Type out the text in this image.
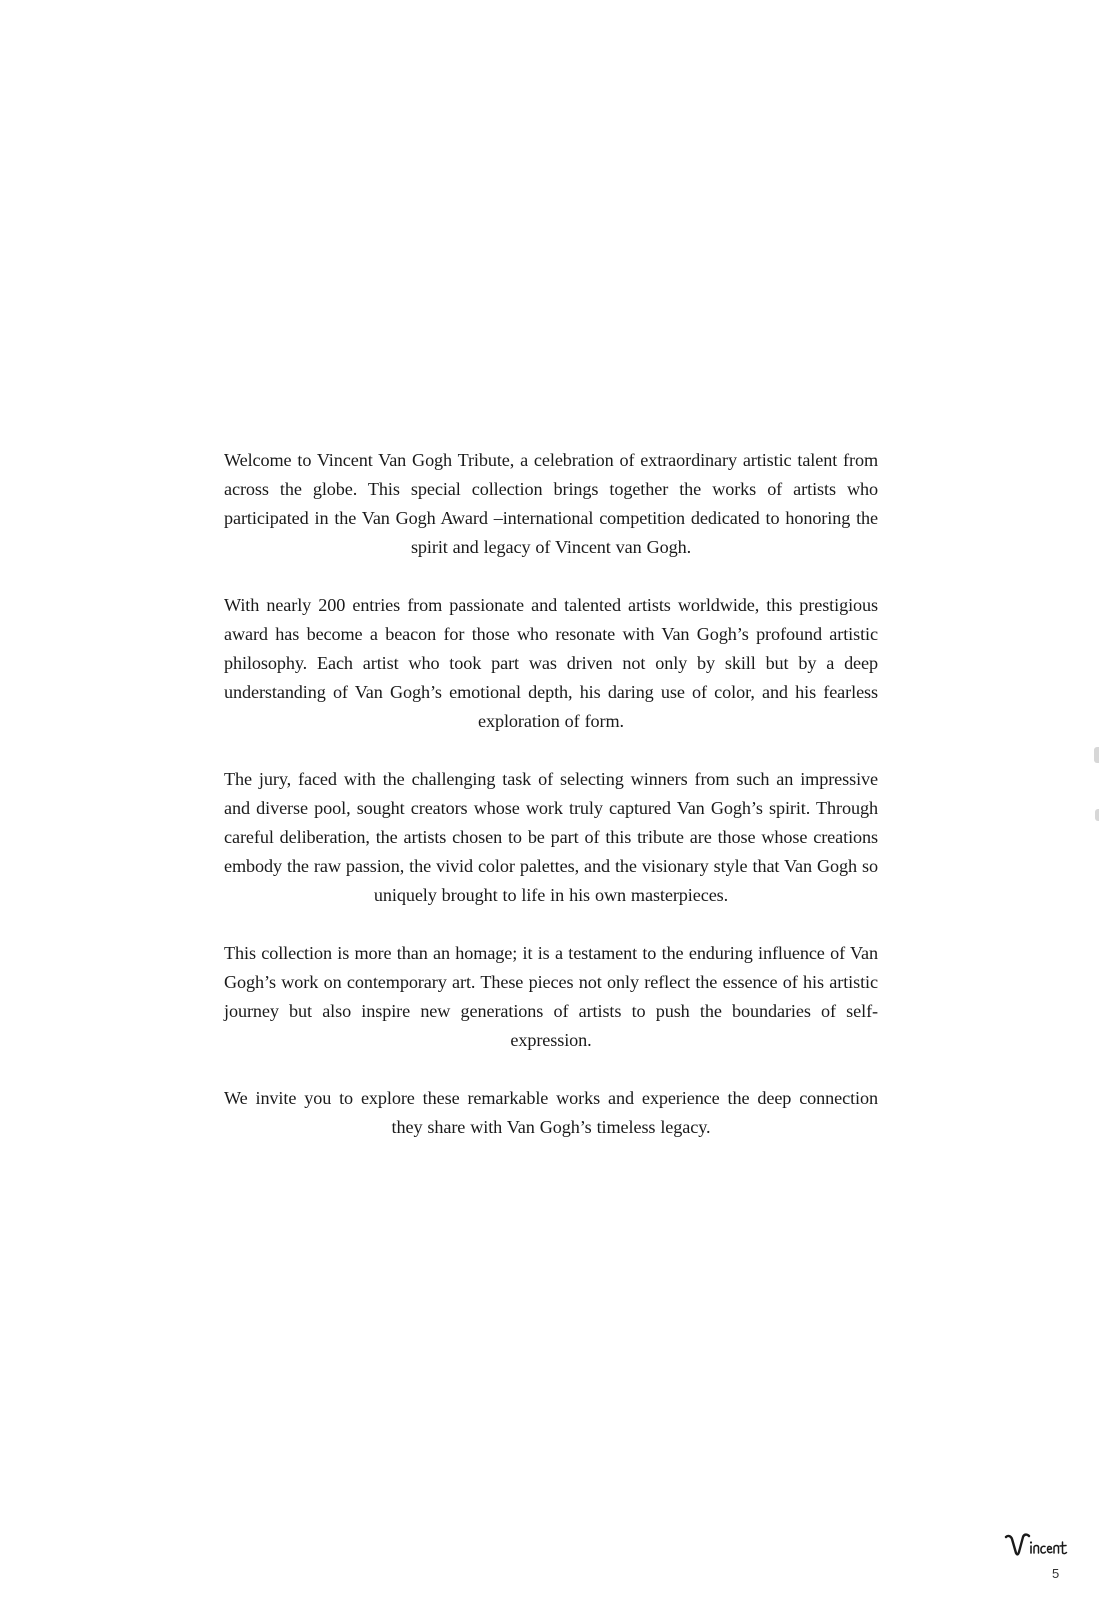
Welcome to Vincent Van Gogh Tribute, a celebration of extraordinary artistic talent from across the globe. This special collection brings together the works of artists who participated in the Van Gogh Award –international competition dedicated to honoring the spirit and legacy of Vincent van Gogh.

With nearly 200 entries from passionate and talented artists worldwide, this prestigious award has become a beacon for those who resonate with Van Gogh’s profound artistic philosophy. Each artist who took part was driven not only by skill but by a deep understanding of Van Gogh’s emotional depth, his daring use of color, and his fearless exploration of form.

The jury, faced with the challenging task of selecting winners from such an impressive and diverse pool, sought creators whose work truly captured Van Gogh’s spirit. Through careful deliberation, the artists chosen to be part of this tribute are those whose creations embody the raw passion, the vivid color palettes, and the visionary style that Van Gogh so uniquely brought to life in his own masterpieces.

This collection is more than an homage; it is a testament to the enduring influence of Van Gogh’s work on contemporary art. These pieces not only reflect the essence of his artistic journey but also inspire new generations of artists to push the boundaries of self-expression.

We invite you to explore these remarkable works and experience the deep connection they share with Van Gogh’s timeless legacy.

5
